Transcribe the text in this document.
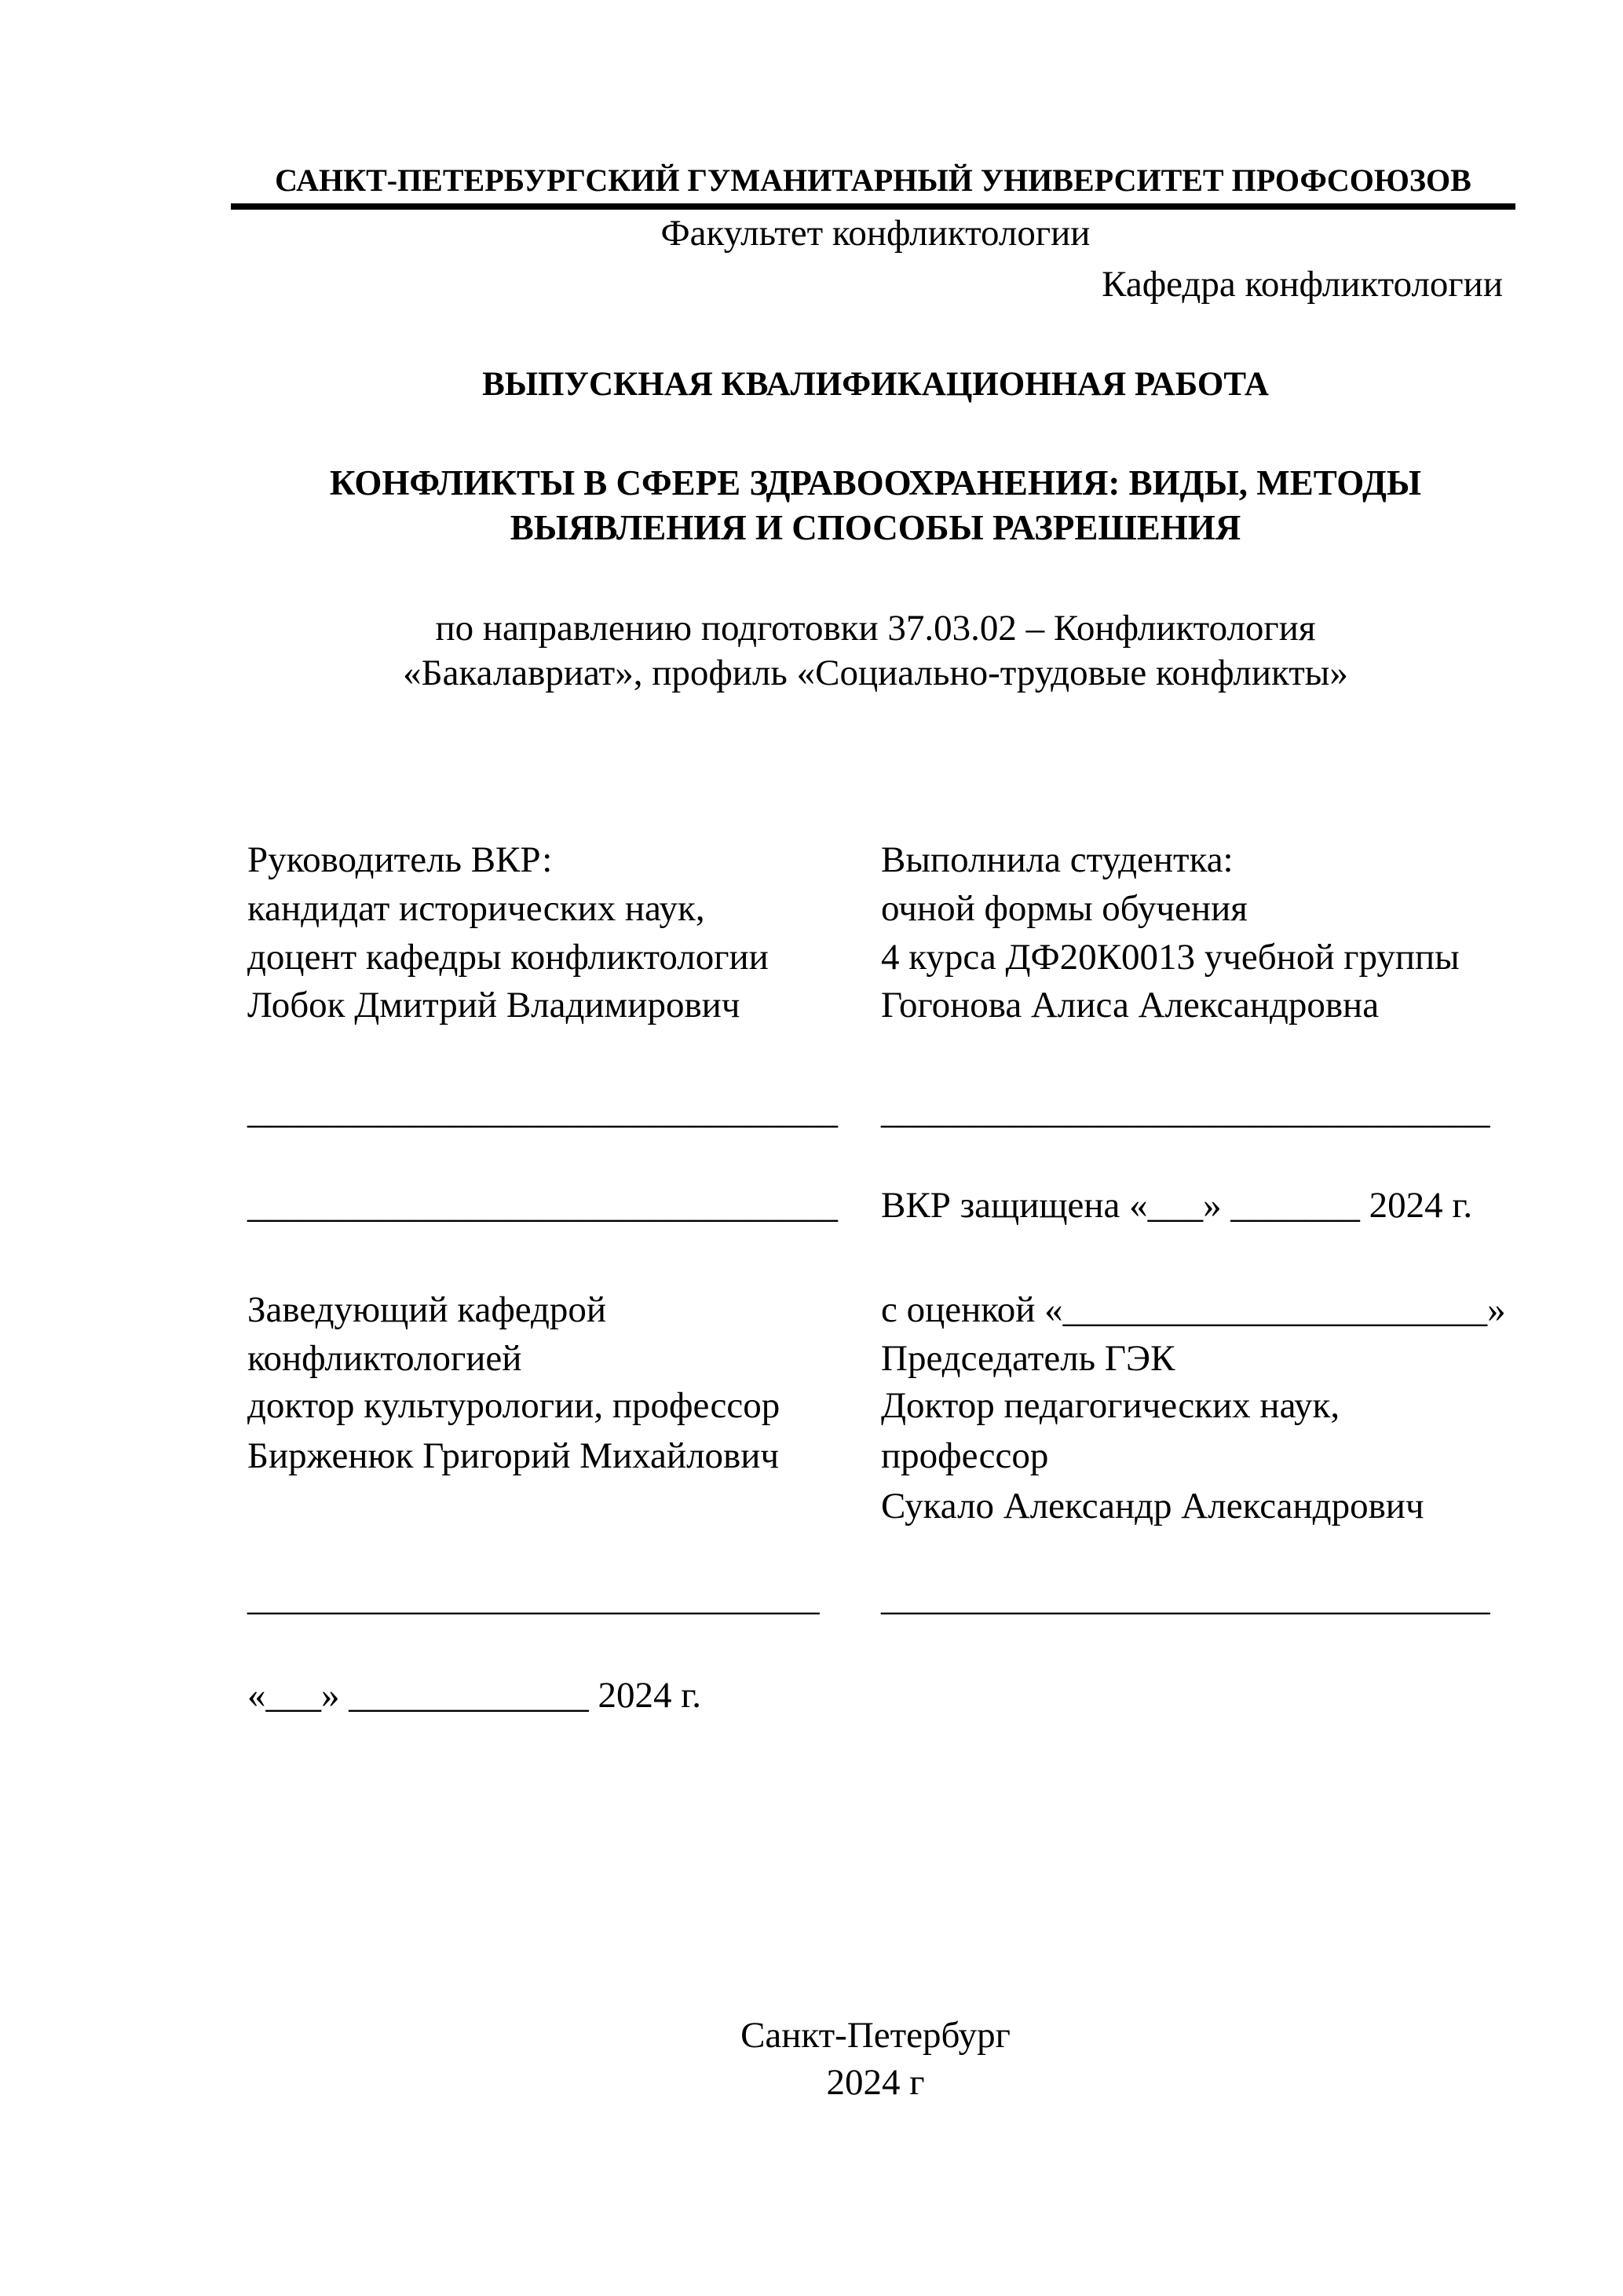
САНКТ-ПЕТЕРБУРГСКИЙ ГУМАНИТАРНЫЙ УНИВЕРСИТЕТ ПРОФСОЮЗОВ
Факультет конфликтологии
Кафедра конфликтологии
ВЫПУСКНАЯ КВАЛИФИКАЦИОННАЯ РАБОТА
КОНФЛИКТЫ В СФЕРЕ ЗДРАВООХРАНЕНИЯ: ВИДЫ, МЕТОДЫ
ВЫЯВЛЕНИЯ И СПОСОБЫ РАЗРЕШЕНИЯ
по направлению подготовки 37.03.02 – Конфликтология
«Бакалавриат», профиль «Социально-трудовые конфликты»
Руководитель ВКР:	Выполнила студентка:
кандидат исторических наук,	очной формы обучения
доцент кафедры конфликтологии	4 курса ДФ20К0013 учебной группы
Лобок Дмитрий Владимирович	Гогонова Алиса Александровна
________________________________ _________________________________
________________________________ ВКР защищена «___» _______ 2024 г.
Заведующий кафедрой	с оценкой «_______________________»
конфликтологией	Председатель ГЭК
доктор культурологии, профессор	Доктор педагогических наук,
Бирженюк Григорий Михайлович	профессор
Сукало Александр Александрович
_______________________________ _________________________________
«___» _____________ 2024 г.
Санкт-Петербург
2024 г
